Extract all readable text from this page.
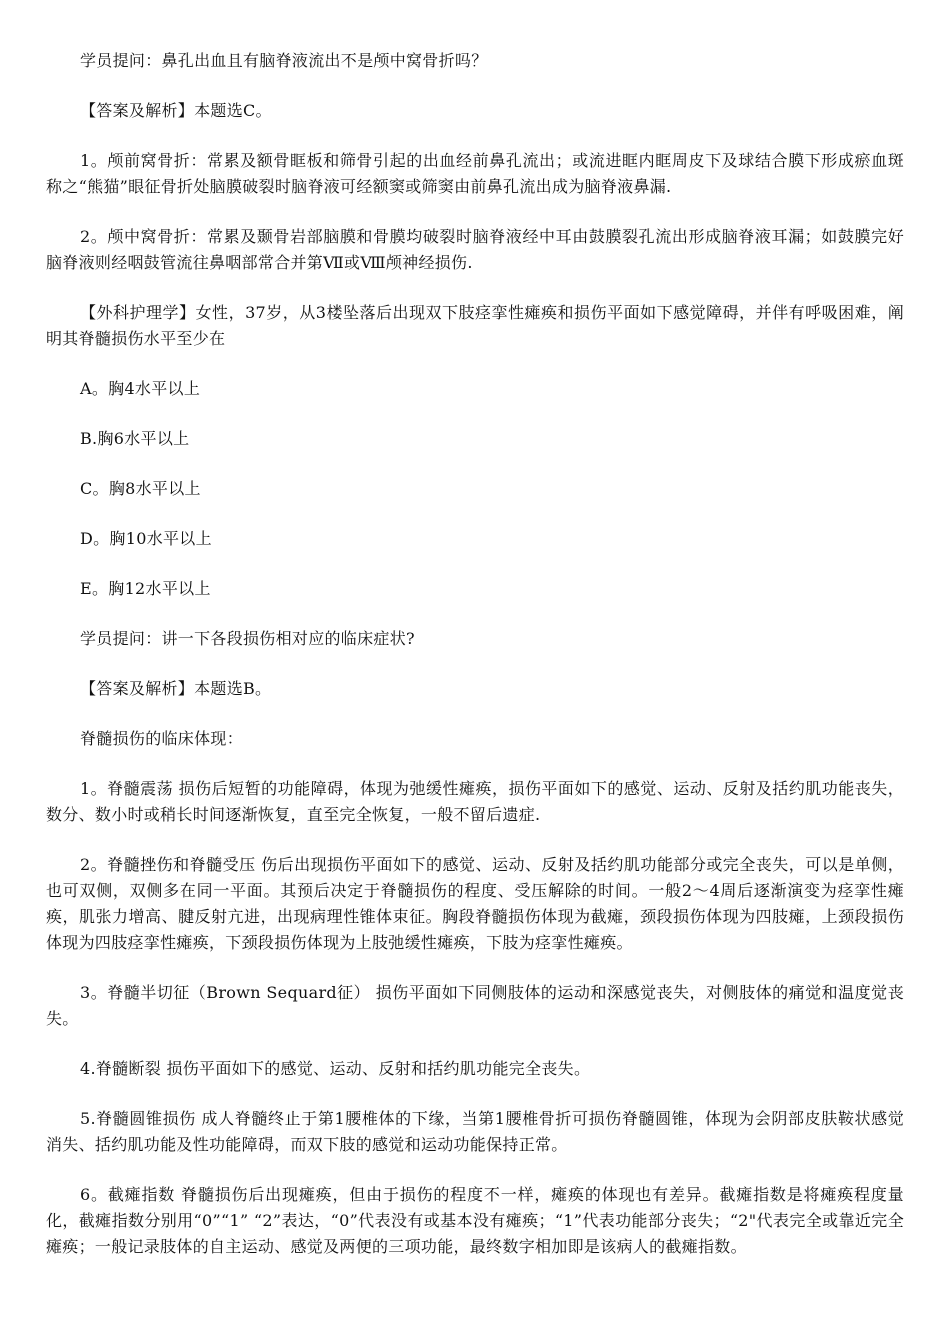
学员提问：鼻孔出血且有脑脊液流出不是颅中窝骨折吗？

【答案及解析】本题选C。

1。颅前窝骨折：常累及额骨眶板和筛骨引起的出血经前鼻孔流出；或流进眶内眶周皮下及球结合膜下形成瘀血斑称之“熊猫”眼征骨折处脑膜破裂时脑脊液可经额窦或筛窦由前鼻孔流出成为脑脊液鼻漏.

2。颅中窝骨折：常累及颞骨岩部脑膜和骨膜均破裂时脑脊液经中耳由鼓膜裂孔流出形成脑脊液耳漏；如鼓膜完好脑脊液则经咽鼓管流往鼻咽部常合并第Ⅶ或Ⅷ颅神经损伤.

【外科护理学】女性，37岁，从3楼坠落后出现双下肢痉挛性瘫痪和损伤平面如下感觉障碍，并伴有呼吸困难，阐明其脊髓损伤水平至少在

A。胸4水平以上

B.胸6水平以上

C。胸8水平以上

D。胸10水平以上

E。胸12水平以上

学员提问：讲一下各段损伤相对应的临床症状?

【答案及解析】本题选B。

脊髓损伤的临床体现：

1。脊髓震荡 损伤后短暂的功能障碍，体现为弛缓性瘫痪，损伤平面如下的感觉、运动、反射及括约肌功能丧失，数分、数小时或稍长时间逐渐恢复，直至完全恢复，一般不留后遗症.

2。脊髓挫伤和脊髓受压 伤后出现损伤平面如下的感觉、运动、反射及括约肌功能部分或完全丧失，可以是单侧，也可双侧，双侧多在同一平面。其预后决定于脊髓损伤的程度、受压解除的时间。一般2～4周后逐渐演变为痉挛性瘫痪，肌张力增高、腱反射亢进，出现病理性锥体束征。胸段脊髓损伤体现为截瘫，颈段损伤体现为四肢瘫，上颈段损伤体现为四肢痉挛性瘫痪，下颈段损伤体现为上肢弛缓性瘫痪，下肢为痉挛性瘫痪。

3。脊髓半切征（Brown Sequard征） 损伤平面如下同侧肢体的运动和深感觉丧失，对侧肢体的痛觉和温度觉丧失。

4.脊髓断裂 损伤平面如下的感觉、运动、反射和括约肌功能完全丧失。

5.脊髓圆锥损伤 成人脊髓终止于第1腰椎体的下缘，当第1腰椎骨折可损伤脊髓圆锥，体现为会阴部皮肤鞍状感觉消失、括约肌功能及性功能障碍，而双下肢的感觉和运动功能保持正常。

6。截瘫指数 脊髓损伤后出现瘫痪，但由于损伤的程度不一样，瘫痪的体现也有差异。截瘫指数是将瘫痪程度量化，截瘫指数分别用“0”“1” “2”表达，“0”代表没有或基本没有瘫痪；“1”代表功能部分丧失；“2"代表完全或靠近完全瘫痪；一般记录肢体的自主运动、感觉及两便的三项功能，最终数字相加即是该病人的截瘫指数。
